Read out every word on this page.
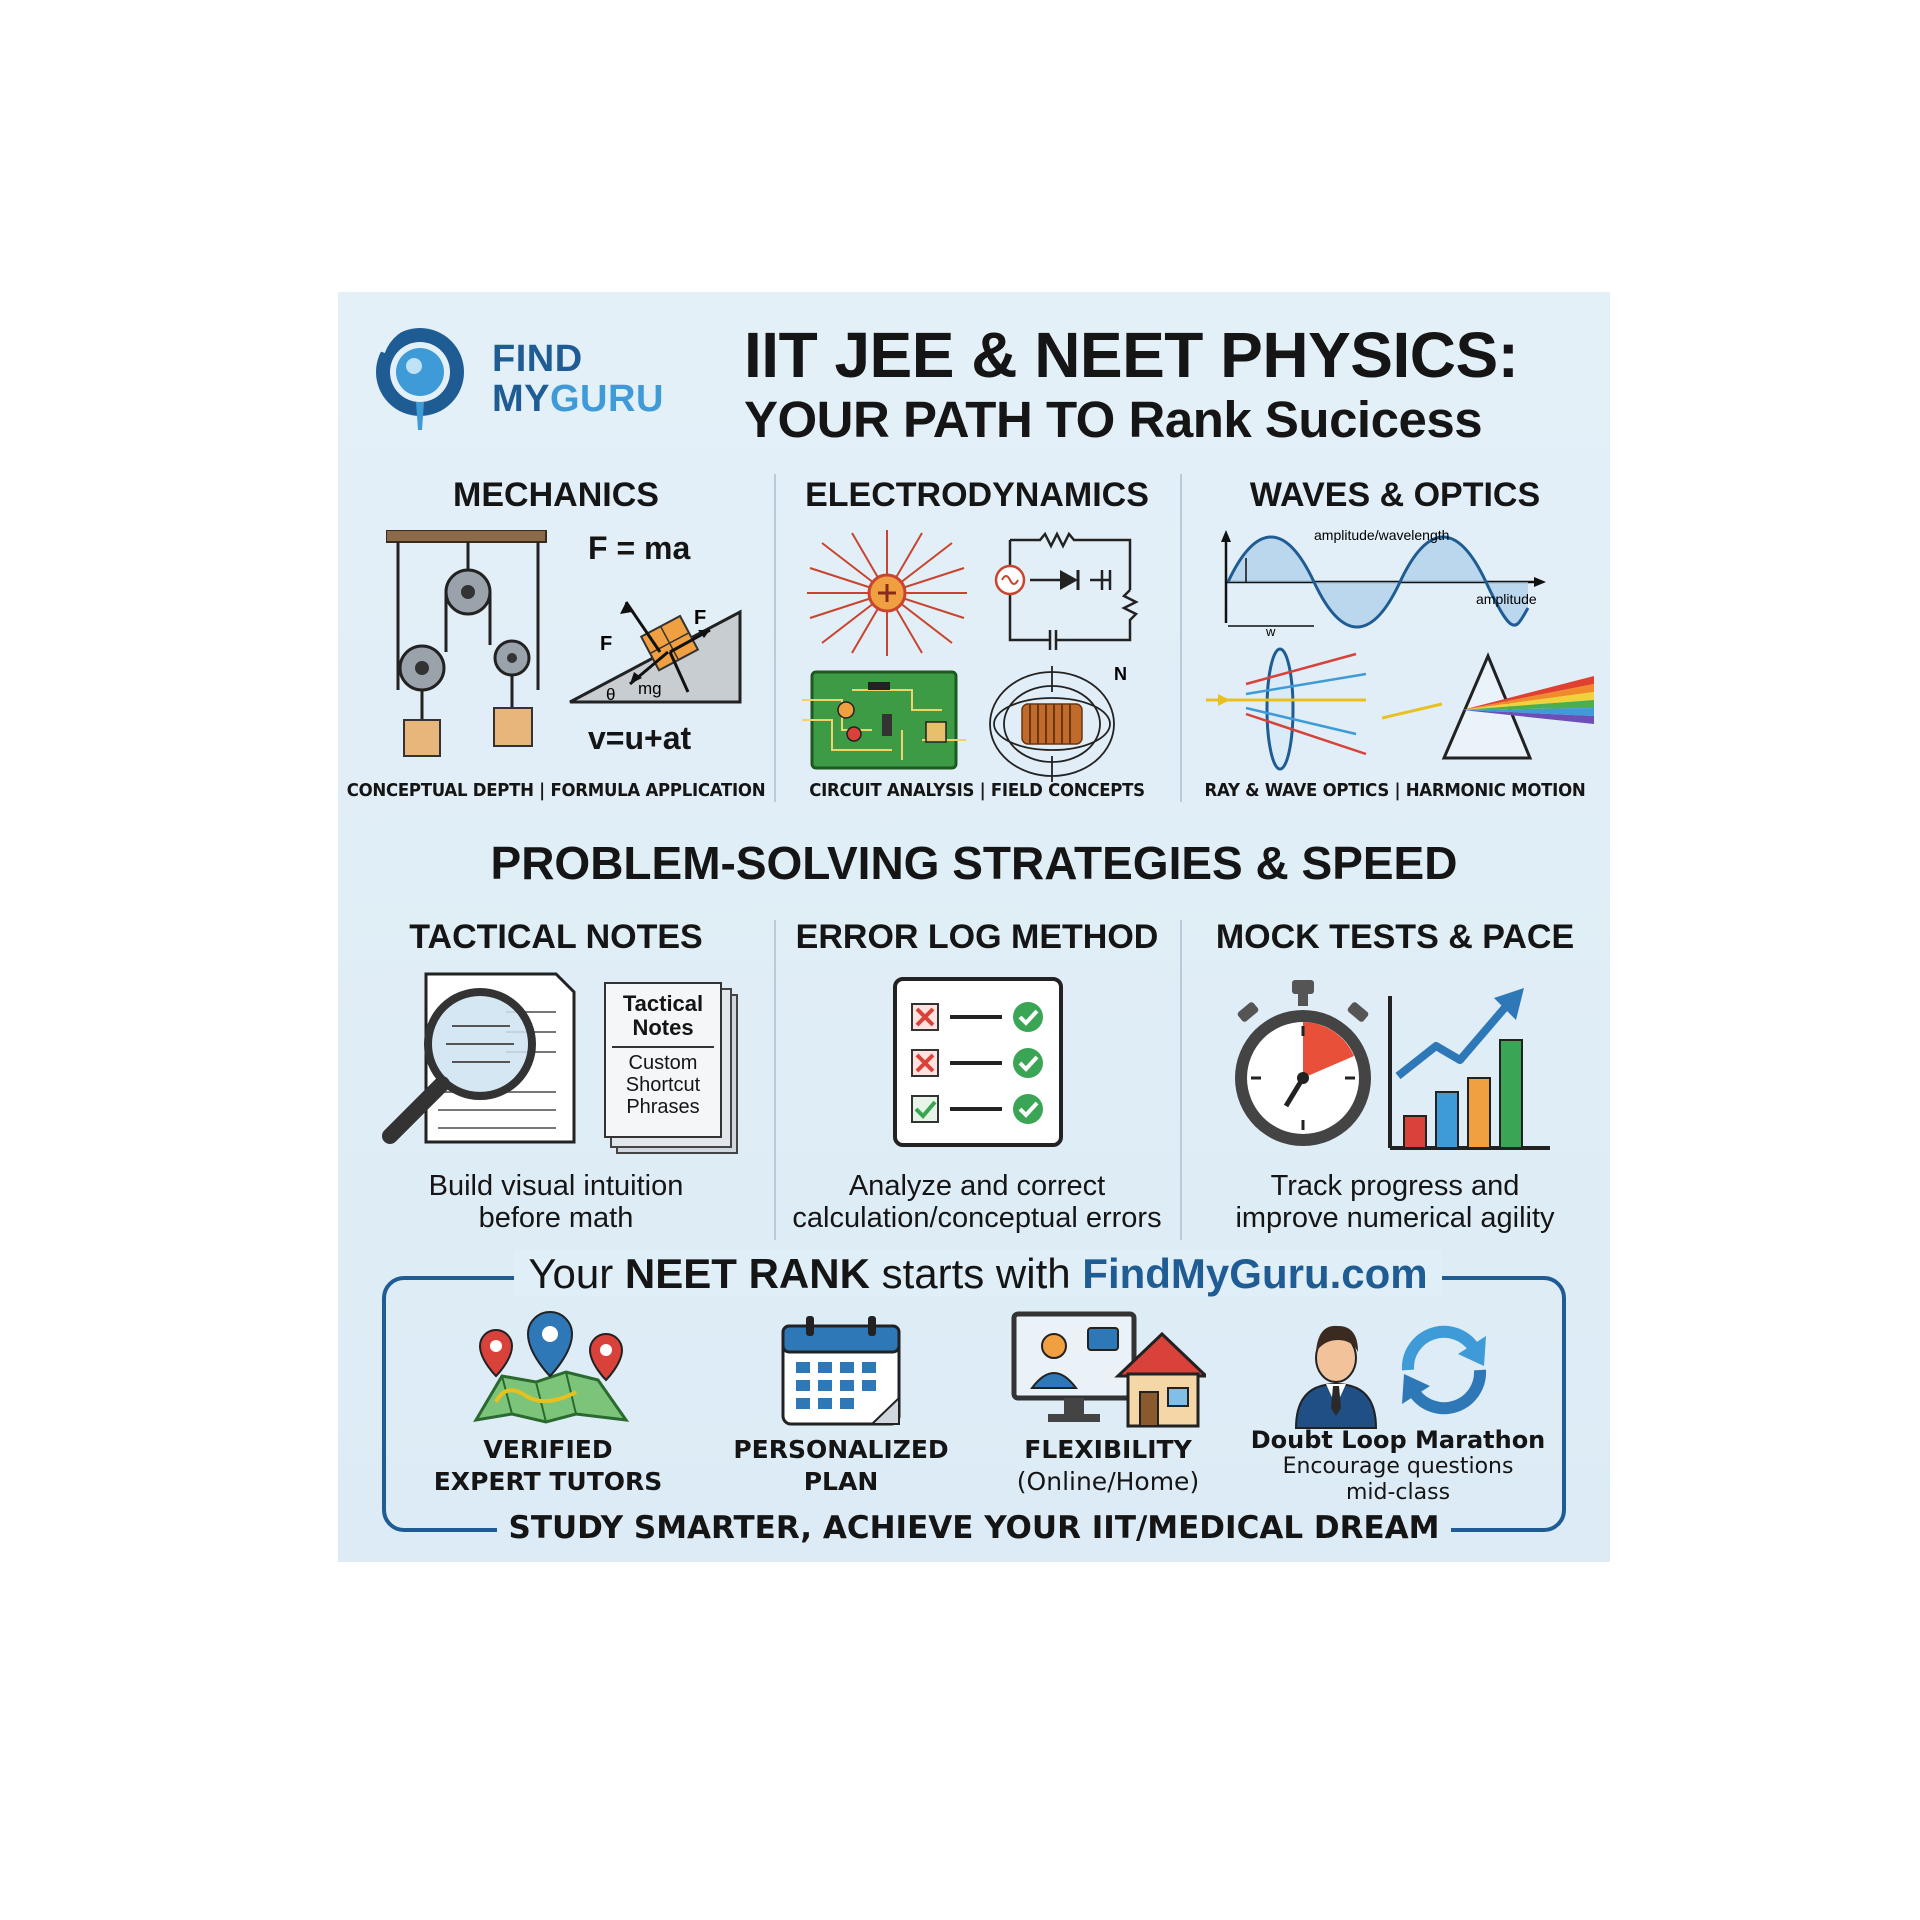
FIND
MYGURU
IIT JEE & NEET PHYSICS:
YOUR PATH TO Rank Sucicess
MECHANICS
F = ma
F
F
mg
θ
v=u+at
CONCEPTUAL DEPTH | FORMULA APPLICATION
ELECTRODYNAMICS
N
CIRCUIT ANALYSIS | FIELD CONCEPTS
WAVES & OPTICS
amplitude/wavelength
amplitude
w
RAY & WAVE OPTICS | HARMONIC MOTION
PROBLEM-SOLVING STRATEGIES & SPEED
TACTICAL NOTES
Tactical
Notes
Custom
Shortcut
Phrases
Build visual intuition
before math
ERROR LOG METHOD
Analyze and correct
calculation/conceptual errors
MOCK TESTS & PACE
Track progress and
improve numerical agility
Your NEET RANK starts with FindMyGuru.com
VERIFIED
EXPERT TUTORS
PERSONALIZED
PLAN
FLEXIBILITY
(Online/Home)
Doubt Loop Marathon
Encourage questions
mid-class
STUDY SMARTER, ACHIEVE YOUR IIT/MEDICAL DREAM
